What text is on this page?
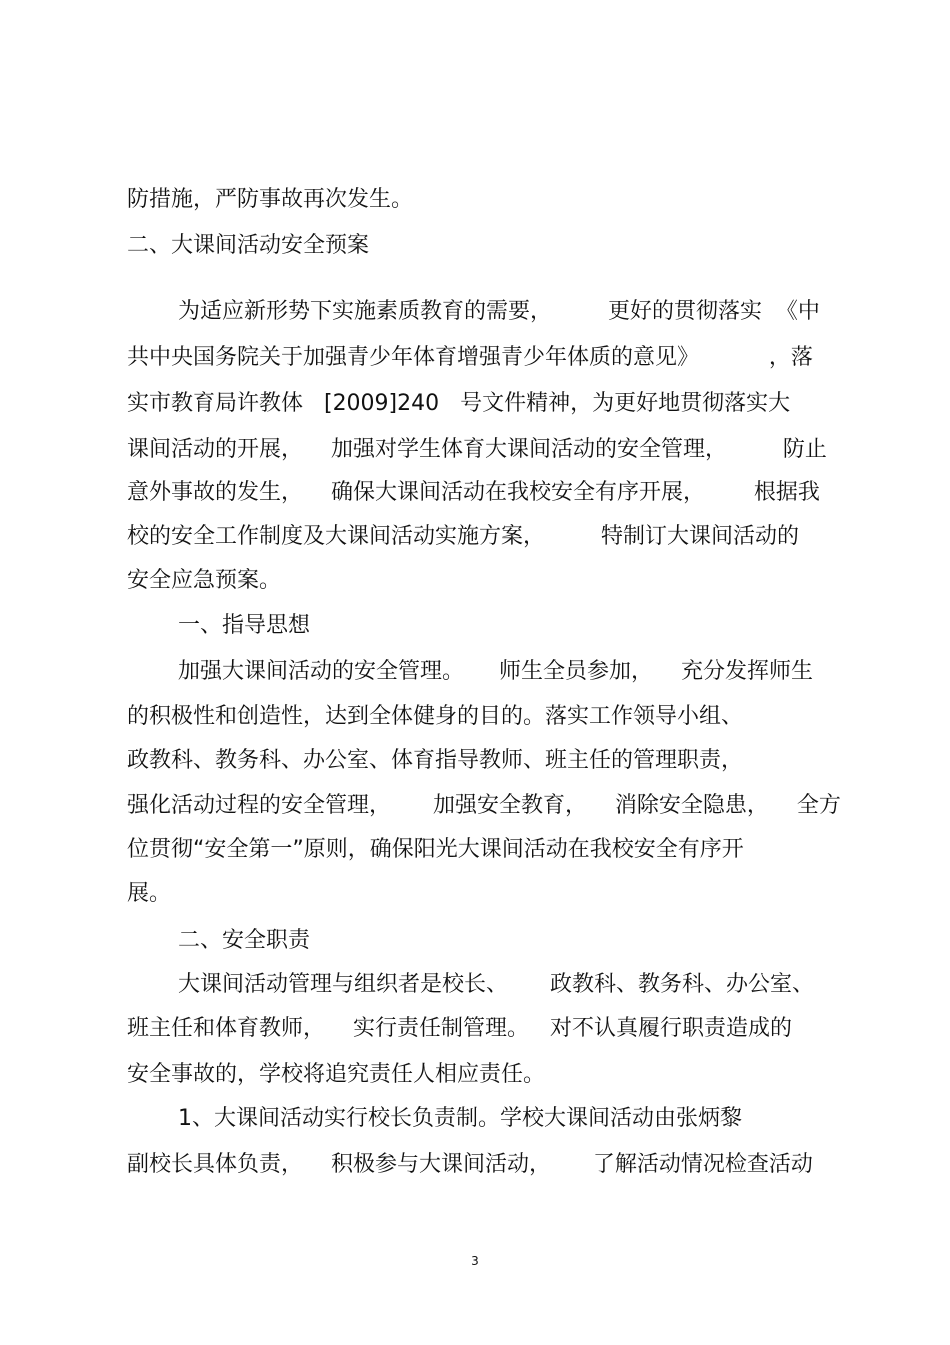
防措施，严防事故再次发生。
二、大课间活动安全预案
为适应新形势下实施素质教育的需要，        更好的贯彻落实  《中
共中央国务院关于加强青少年体育增强青少年体质的意见》          ，落
实市教育局许教体   [2009]240   号文件精神，为更好地贯彻落实大
课间活动的开展，    加强对学生体育大课间活动的安全管理，        防止
意外事故的发生，    确保大课间活动在我校安全有序开展，       根据我
校的安全工作制度及大课间活动实施方案，        特制订大课间活动的
安全应急预案。
一、指导思想
加强大课间活动的安全管理。     师生全员参加，    充分发挥师生
的积极性和创造性，达到全体健身的目的。落实工作领导小组、
政教科、教务科、办公室、体育指导教师、班主任的管理职责，
强化活动过程的安全管理，      加强安全教育，    消除安全隐患，    全方
位贯彻“安全第一”原则，确保阳光大课间活动在我校安全有序开
展。
二、安全职责
大课间活动管理与组织者是校长、      政教科、教务科、办公室、
班主任和体育教师，    实行责任制管理。   对不认真履行职责造成的
安全事故的，学校将追究责任人相应责任。
1、大课间活动实行校长负责制。学校大课间活动由张炳黎
副校长具体负责，    积极参与大课间活动，      了解活动情况检查活动
3
